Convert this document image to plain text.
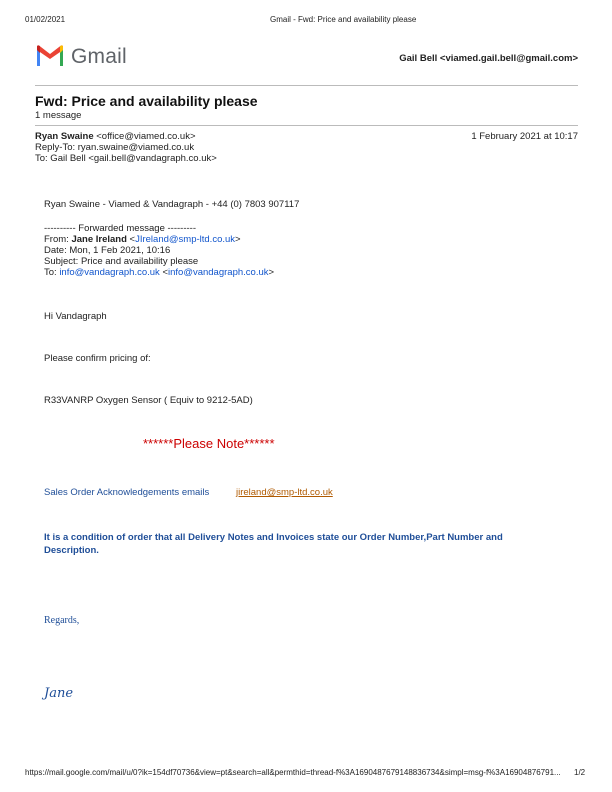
01/02/2021	Gmail - Fwd: Price and availability please
Gmail	Gail Bell <viamed.gail.bell@gmail.com>
Fwd: Price and availability please
1 message
Ryan Swaine <office@viamed.co.uk>	1 February 2021 at 10:17
Reply-To: ryan.swaine@viamed.co.uk
To: Gail Bell <gail.bell@vandagraph.co.uk>
Ryan Swaine - Viamed & Vandagraph - +44 (0) 7803 907117
---------- Forwarded message ---------
From: Jane Ireland <JIreland@smp-ltd.co.uk>
Date: Mon, 1 Feb 2021, 10:16
Subject: Price and availability please
To: info@vandagraph.co.uk <info@vandagraph.co.uk>
Hi Vandagraph
Please confirm pricing of:
R33VANRP Oxygen Sensor ( Equiv to 9212-5AD)
******Please Note******
Sales Order Acknowledgements emails	jireland@smp-ltd.co.uk
It is a condition of order that all Delivery Notes and Invoices state our Order Number,Part Number and Description.
Regards,
Jane
https://mail.google.com/mail/u/0?ik=154df70736&view=pt&search=all&permthid=thread-f%3A1690487679148836734&simpl=msg-f%3A16904876791...	1/2
